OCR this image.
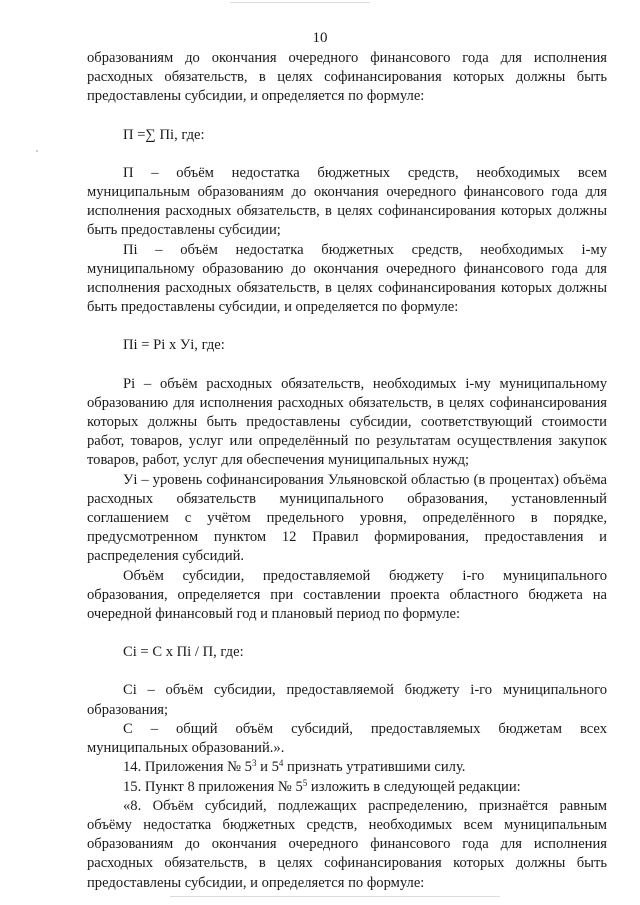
10

образованиям до окончания очередного финансового года для исполнения расходных обязательств, в целях софинансирования которых должны быть предоставлены субсидии, и определяется по формуле:

П =∑ Пi, где:

П – объём недостатка бюджетных средств, необходимых всем муниципальным образованиям до окончания очередного финансового года для исполнения расходных обязательств, в целях софинансирования которых должны быть предоставлены субсидии;

Пi – объём недостатка бюджетных средств, необходимых i-му муниципальному образованию до окончания очередного финансового года для исполнения расходных обязательств, в целях софинансирования которых должны быть предоставлены субсидии, и определяется по формуле:

Пi = Рi х Уi, где:

Рi – объём расходных обязательств, необходимых i-му муниципальному образованию для исполнения расходных обязательств, в целях софинансирования которых должны быть предоставлены субсидии, соответствующий стоимости работ, товаров, услуг или определённый по результатам осуществления закупок товаров, работ, услуг для обеспечения муниципальных нужд;

Уi – уровень софинансирования Ульяновской областью (в процентах) объёма расходных обязательств муниципального образования, установленный соглашением с учётом предельного уровня, определённого в порядке, предусмотренном пунктом 12 Правил формирования, предоставления и распределения субсидий.

Объём субсидии, предоставляемой бюджету i-го муниципального образования, определяется при составлении проекта областного бюджета на очередной финансовый год и плановый период по формуле:

Сi = С х Пi / П, где:

Сi – объём субсидии, предоставляемой бюджету i-го муниципального образования;

С – общий объём субсидий, предоставляемых бюджетам всех муниципальных образований.».

14. Приложения № $5^3$ и $5^4$ признать утратившими силу.

15. Пункт 8 приложения № $5^5$ изложить в следующей редакции:

«8. Объём субсидий, подлежащих распределению, признаётся равным объёму недостатка бюджетных средств, необходимых всем муниципальным образованиям до окончания очередного финансового года для исполнения расходных обязательств, в целях софинансирования которых должны быть предоставлены субсидии, и определяется по формуле:
